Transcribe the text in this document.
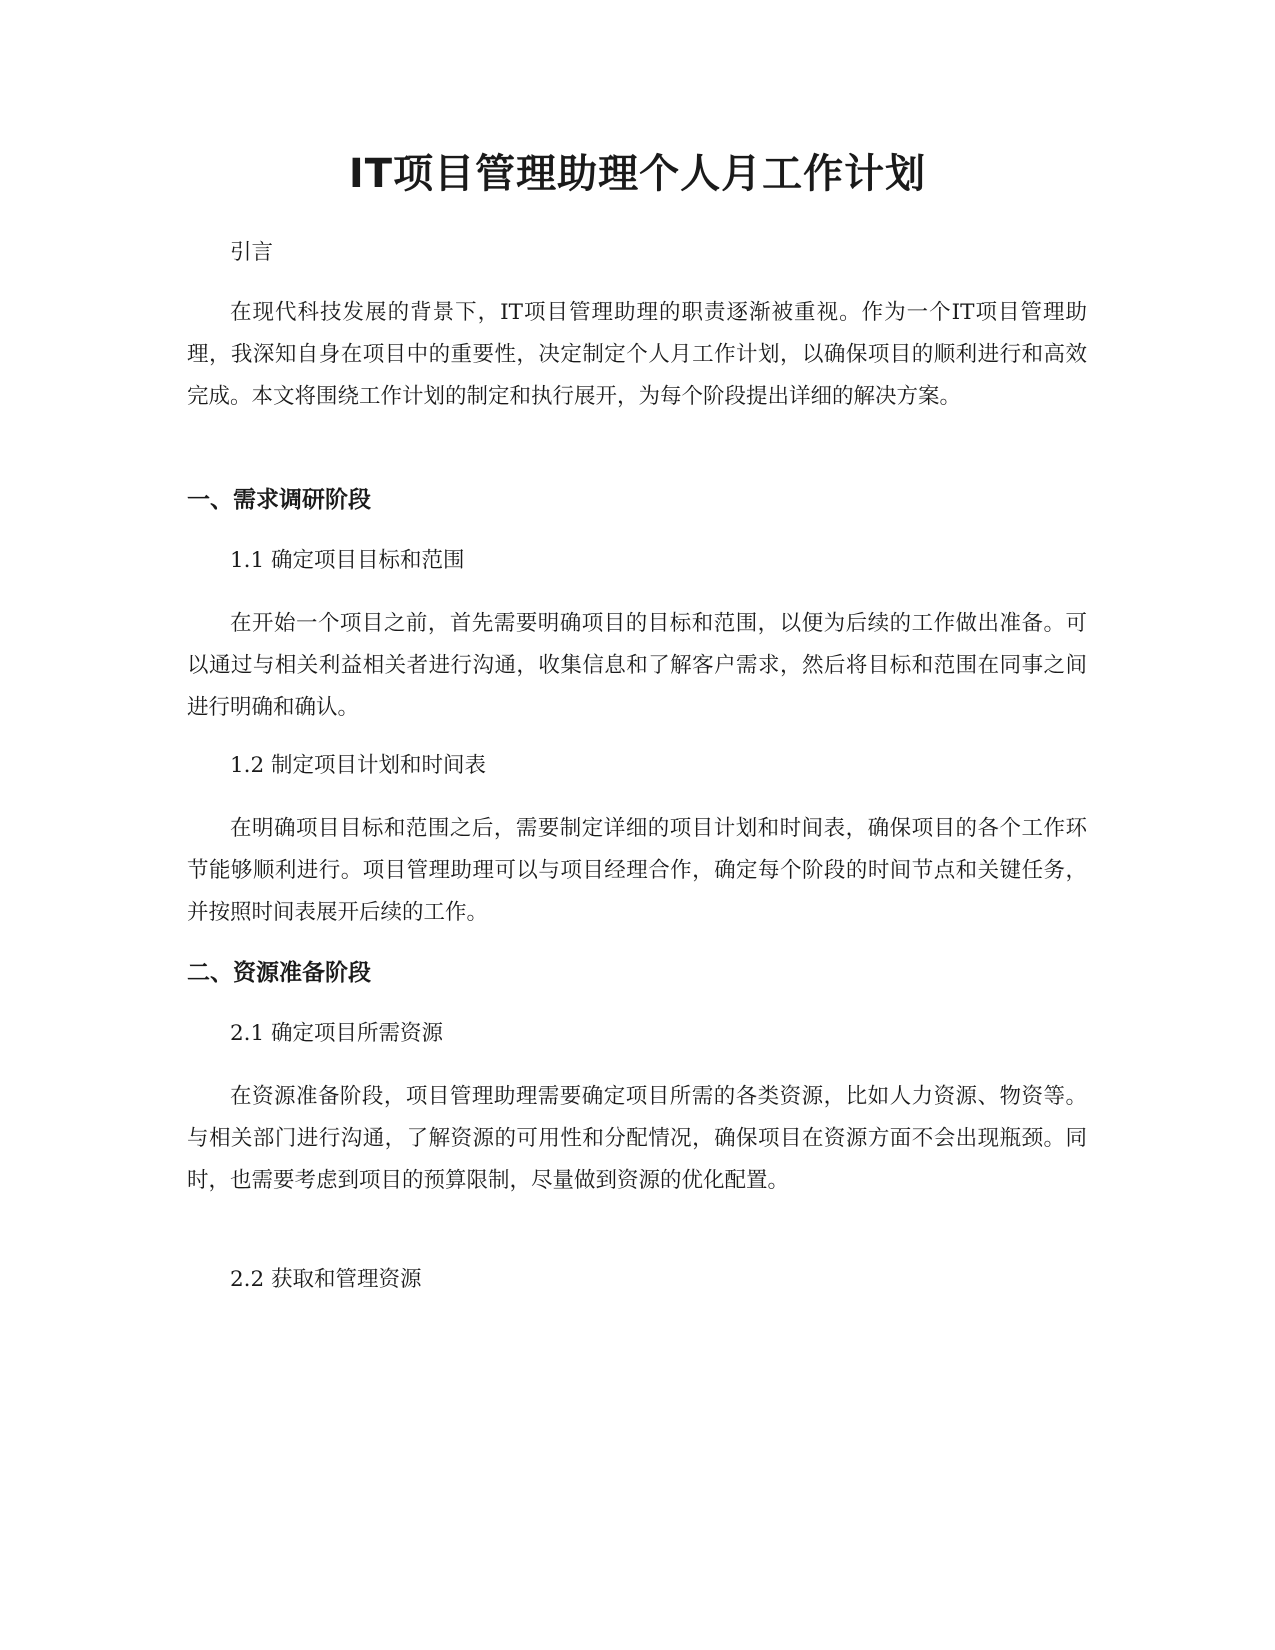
IT项目管理助理个人月工作计划

引言

在现代科技发展的背景下，IT项目管理助理的职责逐渐被重视。作为一个IT项目管理助理，我深知自身在项目中的重要性，决定制定个人月工作计划，以确保项目的顺利进行和高效完成。本文将围绕工作计划的制定和执行展开，为每个阶段提出详细的解决方案。

一、需求调研阶段

1.1 确定项目目标和范围

在开始一个项目之前，首先需要明确项目的目标和范围，以便为后续的工作做出准备。可以通过与相关利益相关者进行沟通，收集信息和了解客户需求，然后将目标和范围在同事之间进行明确和确认。

1.2 制定项目计划和时间表

在明确项目目标和范围之后，需要制定详细的项目计划和时间表，确保项目的各个工作环节能够顺利进行。项目管理助理可以与项目经理合作，确定每个阶段的时间节点和关键任务，并按照时间表展开后续的工作。

二、资源准备阶段

2.1 确定项目所需资源

在资源准备阶段，项目管理助理需要确定项目所需的各类资源，比如人力资源、物资等。与相关部门进行沟通，了解资源的可用性和分配情况，确保项目在资源方面不会出现瓶颈。同时，也需要考虑到项目的预算限制，尽量做到资源的优化配置。

2.2 获取和管理资源
